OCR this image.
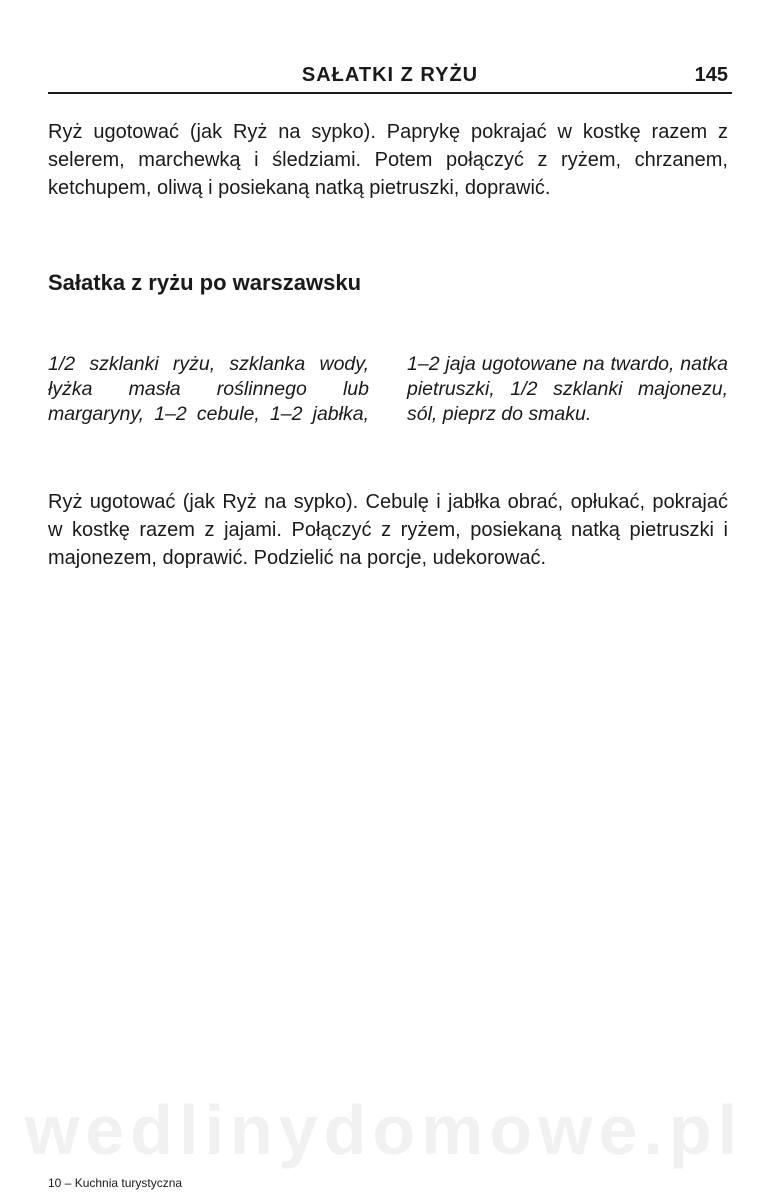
SAŁATKI Z RYŻU	145

Ryż ugotować (jak Ryż na sypko). Paprykę pokrajać w kostkę razem z selerem, marchewką i śledziami. Potem połączyć z ryżem, chrzanem, ketchupem, oliwą i posiekaną natką pietruszki, doprawić.

Sałatka z ryżu po warszawsku

1/2 szklanki ryżu, szklanka wody, łyżka masła roślinnego lub margaryny, 1–2 cebule, 1–2 jabłka, 1–2 jaja ugotowane na twardo, natka pietruszki, 1/2 szklanki majonezu, sól, pieprz do smaku.

Ryż ugotować (jak Ryż na sypko). Cebulę i jabłka obrać, opłukać, pokrajać w kostkę razem z jajami. Połączyć z ryżem, posiekaną natką pietruszki i majonezem, doprawić. Podzielić na porcje, udekorować.

wedlinydomowe.pl
10 – Kuchnia turystyczna
